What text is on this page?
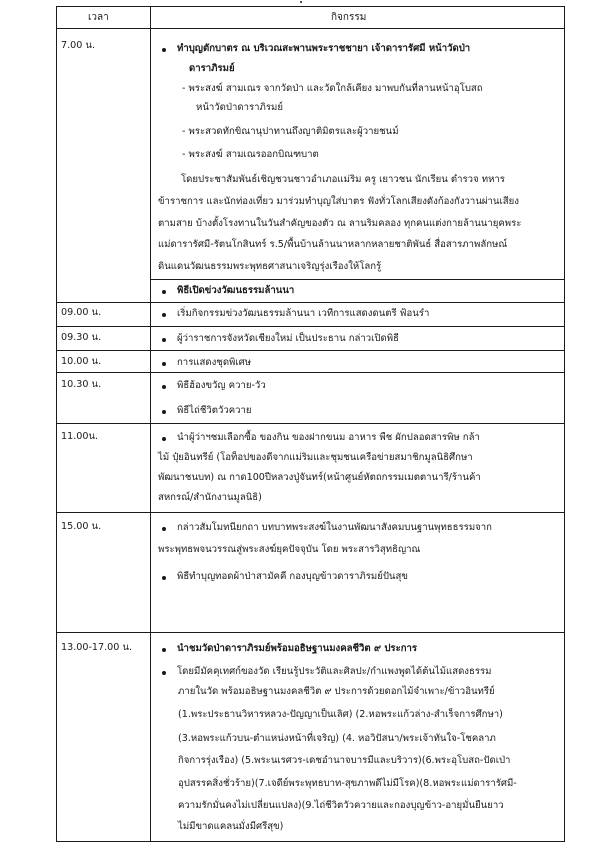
เวลา	กิจกรรม
7.00 น.
09.00 น.
09.30 น.
10.00 น.
10.30 น.
11.00น.
15.00 น.
13.00-17.00 น.
ทำบุญตักบาตร ณ บริเวณสะพานพระราชชายา เจ้าดารารัศมี หน้าวัดป่า
ดาราภิรมย์
- พระสงฆ์ สามเณร จากวัดป่า และวัดใกล้เคียง มาพบกันที่ลานหน้าอุโบสถ
หน้าวัดป่าดาราภิรมย์
- พระสวดทักขิณานุปาทานถึงญาติมิตรและผู้วายชนม์
- พระสงฆ์ สามเณรออกบิณฑบาต
โดยประชาสัมพันธ์เชิญชวนชาวอำเภอแม่ริม ครู เยาวชน นักเรียน ตำรวจ ทหาร
ข้าราชการ และนักท่องเที่ยว มาร่วมทำบุญใส่บาตร ฟังทั่วโลกเสียงดังก้องกังวานผ่านเสียง
ตามสาย บ้างตั้งโรงทานในวันสำคัญของตัว ณ ลานริมคลอง ทุกคนแต่งกายล้านนายุคพระ
แม่ดารารัศมี-รัตนโกสินทร์ ร.5/พื้นบ้านล้านนาหลากหลายชาติพันธ์ สื่อสารภาพลักษณ์
ดินแดนวัฒนธรรมพระพุทธศาสนาเจริญรุ่งเรืองให้โลกรู้
พิธีเปิดข่วงวัฒนธรรมล้านนา
เริ่มกิจกรรมข่วงวัฒนธรรมล้านนา เวทีการแสดงดนตรี ฟ้อนรำ
ผู้ว่าราชการจังหวัดเชียงใหม่ เป็นประธาน กล่าวเปิดพิธี
การแสดงชุดพิเศษ
พิธีฮ้องขวัญ ควาย-วัว
พิธีไถ่ชีวิตวัวควาย
นำผู้ว่าฯชมเลือกซื้อ ของกิน ของฝากขนม อาหาร พืช ผักปลอดสารพิษ กล้า
ไม้ ปุ๋ยอินทรีย์ (โอท็อปของดีจากแม่ริมและชุมชนเครือข่ายสมาชิกมูลนิธิศึกษา
พัฒนาชนบท) ณ กาด100ปีหลวงปู่จันทร์(หน้าศูนย์หัตถกรรมเมตตานารี/ร้านค้า
สหกรณ์/สำนักงานมูลนิธิ)
กล่าวสัมโมทนียกถา บทบาทพระสงฆ์ในงานพัฒนาสังคมบนฐานพุทธธรรมจาก
พระพุทธพจนวรรณสู่พระสงฆ์ยุคปัจจุบัน โดย พระสารวิสุทธิญาณ
พิธีทำบุญทอดผ้าป่าสามัคคี กองบุญข้าวดาราภิรมย์ปันสุข
นำชมวัดป่าดาราภิรมย์พร้อมอธิษฐานมงคลชีวิต ๙ ประการ
โดยมีมัคคุเทศก์ของวัด เรียนรู้ประวัติและศิลปะ/กำแพงพูดได้ต้นไม้แสดงธรรม
ภายในวัด พร้อมอธิษฐานมงคลชีวิต ๙ ประการด้วยดอกไม้จำเพาะ/ข้าวอินทรีย์
(1.พระประธานวิหารหลวง-ปัญญาเป็นเลิศ) (2.หอพระแก้วล่าง-สำเร็จการศึกษา)
(3.หอพระแก้วบน-ตำแหน่งหน้าที่เจริญ) (4. หอวิปัสนา/พระเจ้าทันใจ-โชคลาภ
กิจการรุ่งเรือง) (5.พระนเรศวร-เดชอำนาจบารมีและบริวาร)(6.พระอุโบสถ-ปัดเป่า
อุปสรรคสิ่งชั่วร้าย)(7.เจดีย์พระพุทธบาท-สุขภาพดีไม่มีโรค)(8.หอพระแม่ดารารัศมี-
ความรักมั่นคงไม่เปลี่ยนแปลง)(9.ไถ่ชีวิตวัวควายและกองบุญข้าว-อายุมั่นยืนยาว
ไม่มีขาดแคลนมั่งมีศรีสุข)
